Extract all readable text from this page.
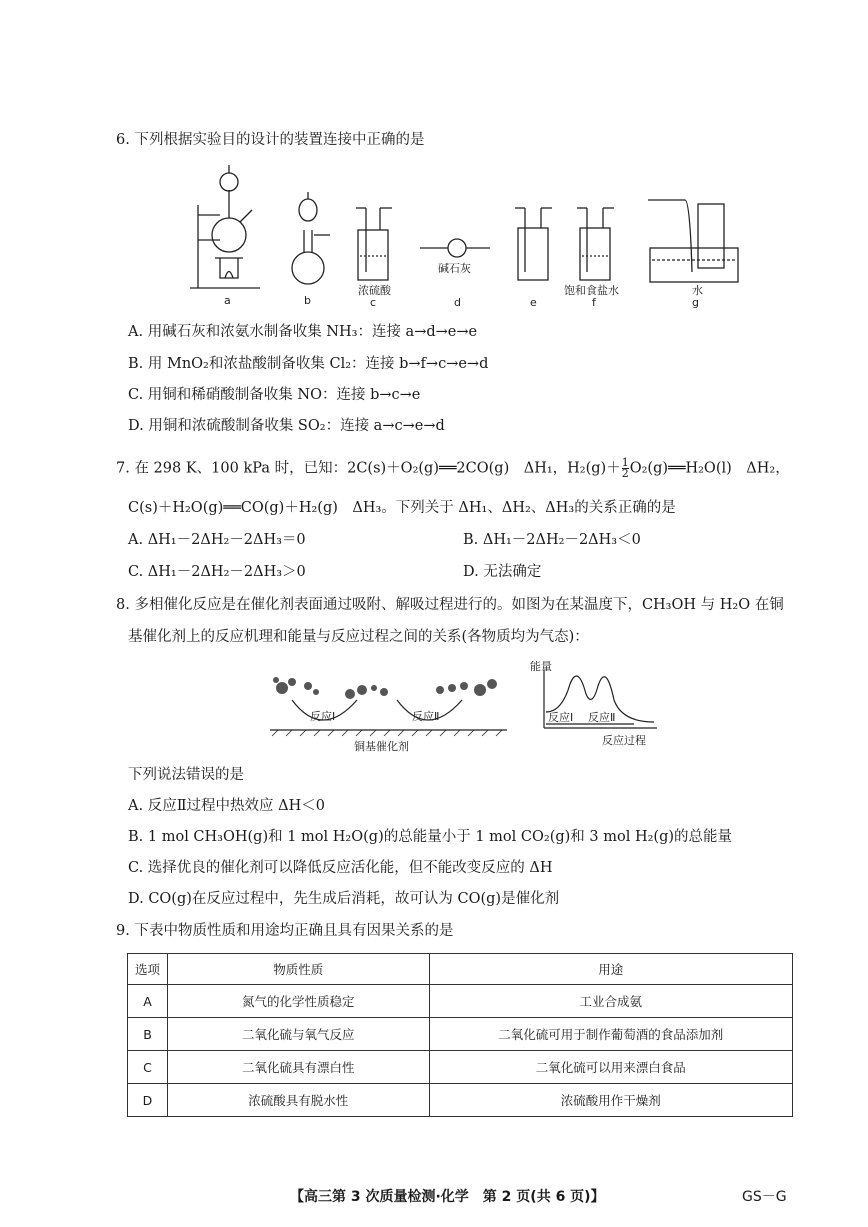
6. 下列根据实验目的设计的装置连接中正确的是
a	b
浓硫酸
c
碱石灰
d	e
饱和食盐水
f
水
g
A. 用碱石灰和浓氨水制备收集 NH₃：连接 a→d→e→e
B. 用 MnO₂和浓盐酸制备收集 Cl₂：连接 b→f→c→e→d
C. 用铜和稀硝酸制备收集 NO：连接 b→c→e
D. 用铜和浓硫酸制备收集 SO₂：连接 a→c→e→d
7. 在 298 K、100 kPa 时，已知：2C(s)＋O₂(g)══2CO(g)　ΔH₁，$H_2(g)+ \frac{1}{2}$ O₂(g)══H₂O(l)　ΔH₂，
C(s)＋H₂O(g)══CO(g)＋H₂(g)　ΔH₃。下列关于 ΔH₁、ΔH₂、ΔH₃的关系正确的是
A. ΔH₁－2ΔH₂－2ΔH₃＝0	B. ΔH₁－2ΔH₂－2ΔH₃＜0
C. ΔH₁－2ΔH₂－2ΔH₃＞0	D. 无法确定
8. 多相催化反应是在催化剂表面通过吸附、解吸过程进行的。如图为在某温度下，CH₃OH 与 H₂O 在铜
基催化剂上的反应机理和能量与反应过程之间的关系(各物质均为气态)：
反应Ⅰ	反应Ⅱ
铜基催化剂
能量
反应Ⅰ 反应Ⅱ
反应过程
下列说法错误的是
A. 反应Ⅱ过程中热效应 ΔH＜0
B. 1 mol CH₃OH(g)和 1 mol H₂O(g)的总能量小于 1 mol CO₂(g)和 3 mol H₂(g)的总能量
C. 选择优良的催化剂可以降低反应活化能，但不能改变反应的 ΔH
D. CO(g)在反应过程中，先生成后消耗，故可认为 CO(g)是催化剂
9. 下表中物质性质和用途均正确且具有因果关系的是
选项	物质性质	用途
A	氮气的化学性质稳定	工业合成氨
B	二氧化硫与氧气反应	二氧化硫可用于制作葡萄酒的食品添加剂
C	二氧化硫具有漂白性	二氧化硫可以用来漂白食品
D	浓硫酸具有脱水性	浓硫酸用作干燥剂
【高三第 3 次质量检测·化学　第 2 页(共 6 页)】	GS－G
